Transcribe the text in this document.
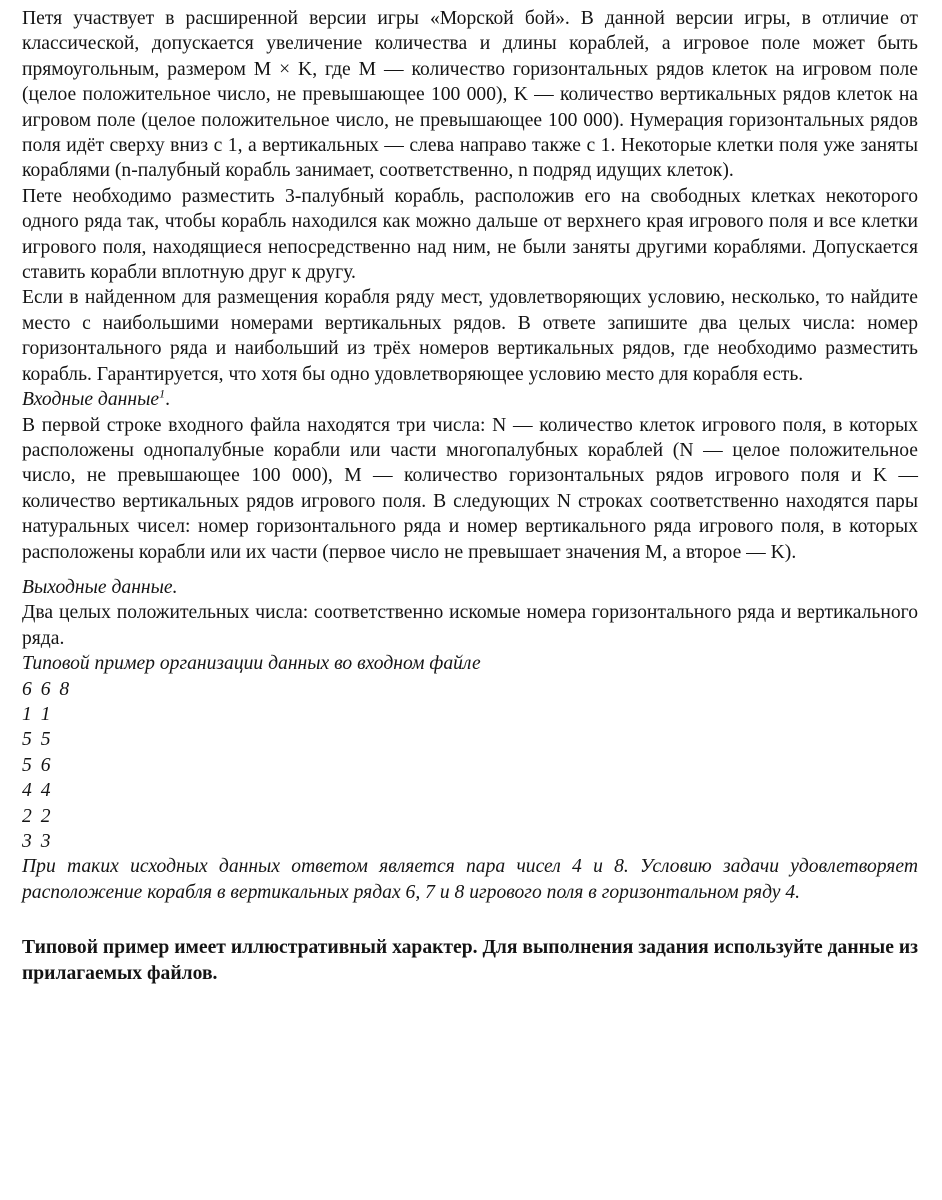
Петя участвует в расширенной версии игры «Морской бой». В данной версии игры, в отличие от классической, допускается увеличение количества и длины кораблей, а игровое поле может быть прямоугольным, размером M × K, где M — количество горизонтальных рядов клеток на игровом поле (целое положительное число, не превышающее 100 000), K — количество вертикальных рядов клеток на игровом поле (целое положительное число, не превышающее 100 000). Нумерация горизонтальных рядов поля идёт сверху вниз с 1, а вертикальных — слева направо также с 1. Некоторые клетки поля уже заняты кораблями (n-палубный корабль занимает, соответственно, n подряд идущих клеток).

Пете необходимо разместить 3-палубный корабль, расположив его на свободных клетках некоторого одного ряда так, чтобы корабль находился как можно дальше от верхнего края игрового поля и все клетки игрового поля, находящиеся непосредственно над ним, не были заняты другими кораблями. Допускается ставить корабли вплотную друг к другу.

Если в найденном для размещения корабля ряду мест, удовлетворяющих условию, несколько, то найдите место с наибольшими номерами вертикальных рядов. В ответе запишите два целых числа: номер горизонтального ряда и наибольший из трёх номеров вертикальных рядов, где необходимо разместить корабль. Гарантируется, что хотя бы одно удовлетворяющее условию место для корабля есть.

Входные данные$^1$.

В первой строке входного файла находятся три числа: N — количество клеток игрового поля, в которых расположены однопалубные корабли или части многопалубных кораблей (N — целое положительное число, не превышающее 100 000), M — количество горизонтальных рядов игрового поля и K — количество вертикальных рядов игрового поля. В следующих N строках соответственно находятся пары натуральных чисел: номер горизонтального ряда и номер вертикального ряда игрового поля, в которых расположены корабли или их части (первое число не превышает значения M, а второе — K).

Выходные данные.

Два целых положительных числа: соответственно искомые номера горизонтального ряда и вертикального ряда.

Типовой пример организации данных во входном файле

6 6 8

1 1

5 5

5 6

4 4

2 2

3 3

При таких исходных данных ответом является пара чисел 4 и 8. Условию задачи удовлетворяет расположение корабля в вертикальных рядах 6, 7 и 8 игрового поля в горизонтальном ряду 4.

Типовой пример имеет иллюстративный характер. Для выполнения задания используйте данные из прилагаемых файлов.
